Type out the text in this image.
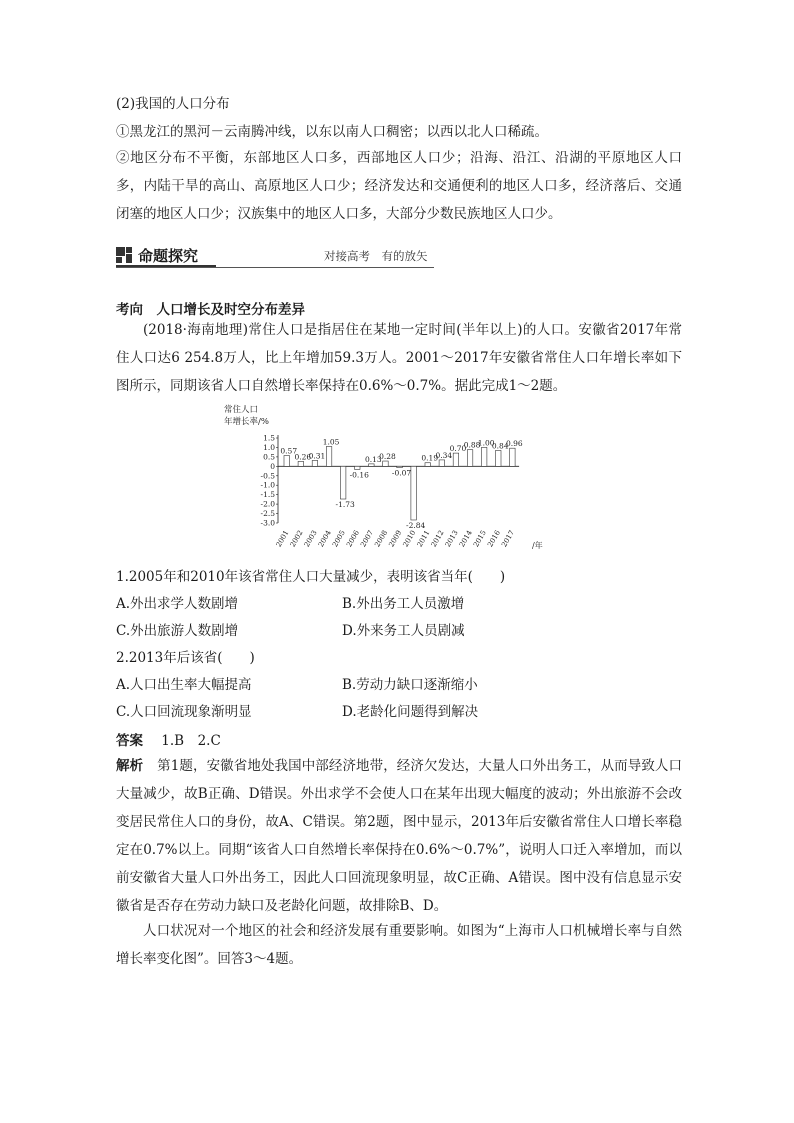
(2)我国的人口分布
①黑龙江的黑河－云南腾冲线，以东以南人口稠密；以西以北人口稀疏。

②地区分布不平衡，东部地区人口多，西部地区人口少；沿海、沿江、沿湖的平原地区人口多，内陆干旱的高山、高原地区人口少；经济发达和交通便利的地区人口多，经济落后、交通闭塞的地区人口少；汉族集中的地区人口多，大部分少数民族地区人口少。

命题探究	对接高考　有的放矢
考向　人口增长及时空分布差异

(2018·海南地理)常住人口是指居住在某地一定时间(半年以上)的人口。安徽省2017年常住人口达6 254.8万人，比上年增加59.3万人。2001～2017年安徽省常住人口年增长率如下图所示，同期该省人口自然增长率保持在0.6%～0.7%。据此完成1～2题。

常住人口
年增长率/%
1.5
1.0
0.5
0
-0.5
-1.0
-1.5
-2.0
-2.5
-3.0
0.57
0.26
0.31
1.05
-1.73
-0.16
0.13
0.28
-0.07
-2.84
0.19
0.34
0.70
0.88
1.00
0.84
0.96
2001
2002
2003
2004
2005
2006
2007
2008
2009
2010
2011
2012
2013
2014
2015
2016
2017 /年
1.2005年和2010年该省常住人口大量减少，表明该省当年(　　)
A.外出求学人数剧增	B.外出务工人员激增
C.外出旅游人数剧增	D.外来务工人员剧减
2.2013年后该省(　　)
A.人口出生率大幅提高	B.劳动力缺口逐渐缩小
C.人口回流现象渐明显	D.老龄化问题得到解决
答案 1.B　2.C

解析 第1题，安徽省地处我国中部经济地带，经济欠发达，大量人口外出务工，从而导致人口大量减少，故B正确、D错误。外出求学不会使人口在某年出现大幅度的波动；外出旅游不会改变居民常住人口的身份，故A、C错误。第2题，图中显示，2013年后安徽省常住人口增长率稳定在0.7%以上。同期“该省人口自然增长率保持在0.6%～0.7%”，说明人口迁入率增加，而以前安徽省大量人口外出务工，因此人口回流现象明显，故C正确、A错误。图中没有信息显示安徽省是否存在劳动力缺口及老龄化问题，故排除B、D。

人口状况对一个地区的社会和经济发展有重要影响。如图为“上海市人口机械增长率与自然增长率变化图”。回答3～4题。
